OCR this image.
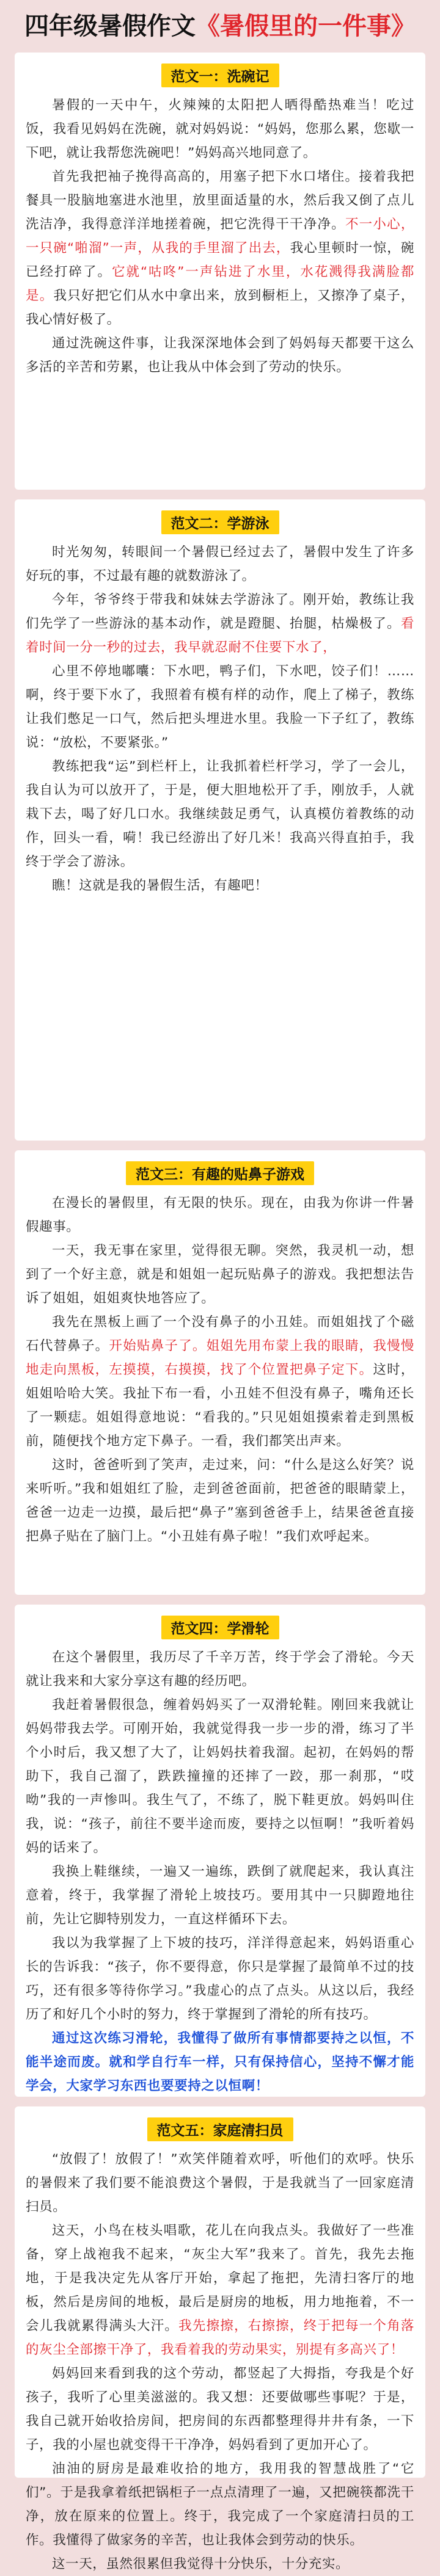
四年级暑假作文《暑假里的一件事》
范文一：洗碗记

暑假的一天中午，火辣辣的太阳把人晒得酷热难当！吃过饭，我看见妈妈在洗碗，就对妈妈说：“妈妈，您那么累，您歇一下吧，就让我帮您洗碗吧！”妈妈高兴地同意了。

首先我把袖子挽得高高的，用塞子把下水口堵住。接着我把餐具一股脑地塞进水池里，放里面适量的水，然后我又倒了点儿洗洁净，我得意洋洋地搓着碗，把它洗得干干净净。不一小心，一只碗“啪溜”一声，从我的手里溜了出去，我心里顿时一惊，碗已经打碎了。它就“咕咚”一声钻进了水里，水花溅得我满脸都是。我只好把它们从水中拿出来，放到橱柜上，又擦净了桌子，我心情好极了。

通过洗碗这件事，让我深深地体会到了妈妈每天都要干这么多活的辛苦和劳累，也让我从中体会到了劳动的快乐。

范文二：学游泳

时光匆匆，转眼间一个暑假已经过去了，暑假中发生了许多好玩的事，不过最有趣的就数游泳了。

今年，爷爷终于带我和妹妹去学游泳了。刚开始，教练让我们先学了一些游泳的基本动作，就是蹬腿、抬腿，枯燥极了。看着时间一分一秒的过去，我早就忍耐不住要下水了，

心里不停地嘟囔：下水吧，鸭子们，下水吧，饺子们！……啊，终于要下水了，我照着有模有样的动作，爬上了梯子，教练让我们憋足一口气，然后把头埋进水里。我脸一下子红了，教练说：“放松，不要紧张。”

教练把我“运”到栏杆上，让我抓着栏杆学习，学了一会儿，我自认为可以放开了，于是，便大胆地松开了手，刚放手，人就栽下去，喝了好几口水。我继续鼓足勇气，认真模仿着教练的动作，回头一看，嗬！我已经游出了好几米！我高兴得直拍手，我终于学会了游泳。

瞧！这就是我的暑假生活，有趣吧！

范文三：有趣的贴鼻子游戏

在漫长的暑假里，有无限的快乐。现在，由我为你讲一件暑假趣事。

一天，我无事在家里，觉得很无聊。突然，我灵机一动，想到了一个好主意，就是和姐姐一起玩贴鼻子的游戏。我把想法告诉了姐姐，姐姐爽快地答应了。

我先在黑板上画了一个没有鼻子的小丑娃。而姐姐找了个磁石代替鼻子。开始贴鼻子了。姐姐先用布蒙上我的眼睛，我慢慢地走向黑板，左摸摸，右摸摸，找了个位置把鼻子定下。这时，姐姐哈哈大笑。我扯下布一看，小丑娃不但没有鼻子，嘴角还长了一颗痣。姐姐得意地说：“看我的。”只见姐姐摸索着走到黑板前，随便找个地方定下鼻子。一看，我们都笑出声来。

这时，爸爸听到了笑声，走过来，问：“什么是这么好笑？说来听听。”我和姐姐红了脸，走到爸爸面前，把爸爸的眼睛蒙上，爸爸一边走一边摸，最后把“鼻子”塞到爸爸手上，结果爸爸直接把鼻子贴在了脑门上。“小丑娃有鼻子啦！”我们欢呼起来。

范文四：学滑轮

在这个暑假里，我历尽了千辛万苦，终于学会了滑轮。今天就让我来和大家分享这有趣的经历吧。

我赶着暑假很急，缠着妈妈买了一双滑轮鞋。刚回来我就让妈妈带我去学。可刚开始，我就觉得我一步一步的滑，练习了半个小时后，我又想了大了，让妈妈扶着我溜。起初，在妈妈的帮助下，我自己溜了，跌跌撞撞的还摔了一跤，那一刹那，“哎呦”我的一声惨叫。我生气了，不练了，脱下鞋更放。妈妈叫住我，说：“孩子，前往不要半途而废，要持之以恒啊！”我听着妈妈的话来了。

我换上鞋继续，一遍又一遍练，跌倒了就爬起来，我认真注意着，终于，我掌握了滑轮上坡技巧。要用其中一只脚蹬地往前，先让它脚特别发力，一直这样循环下去。

我以为我掌握了上下坡的技巧，洋洋得意起来，妈妈语重心长的告诉我：“孩子，你不要得意，你只是掌握了最简单不过的技巧，还有很多等待你学习。”我虚心的点了点头。从这以后，我经历了和好几个小时的努力，终于掌握到了滑轮的所有技巧。

通过这次练习滑轮，我懂得了做所有事情都要持之以恒，不能半途而废。就和学自行车一样，只有保持信心，坚持不懈才能学会，大家学习东西也要要持之以恒啊！

范文五：家庭清扫员

“放假了！放假了！”欢笑伴随着欢呼，听他们的欢呼。快乐的暑假来了我们要不能浪费这个暑假，于是我就当了一回家庭清扫员。

这天，小鸟在枝头唱歌，花儿在向我点头。我做好了一些准备，穿上战袍我不起来，“灰尘大军”我来了。首先，我先去拖地，于是我决定先从客厅开始，拿起了拖把，先清扫客厅的地板，然后是房间的地板，最后是厨房的地板，用力地拖着，不一会儿我就累得满头大汗。我先擦擦，右擦擦，终于把每一个角落的灰尘全部擦干净了，我看着我的劳动果实，别提有多高兴了！

妈妈回来看到我的这个劳动，都竖起了大拇指，夸我是个好孩子，我听了心里美滋滋的。我又想：还要做哪些事呢？于是，我自己就开始收拾房间，把房间的东西都整理得井井有条，一下子，我的小屋也就变得干干净净，妈妈看到了更加开心了。

油油的厨房是最难收拾的地方，我用我的智慧战胜了“它们”。于是我拿着纸把锅柜子一点点清理了一遍，又把碗筷都洗干净，放在原来的位置上。终于，我完成了一个家庭清扫员的工作。我懂得了做家务的辛苦，也让我体会到劳动的快乐。

这一天，虽然很累但我觉得十分快乐，十分充实。
